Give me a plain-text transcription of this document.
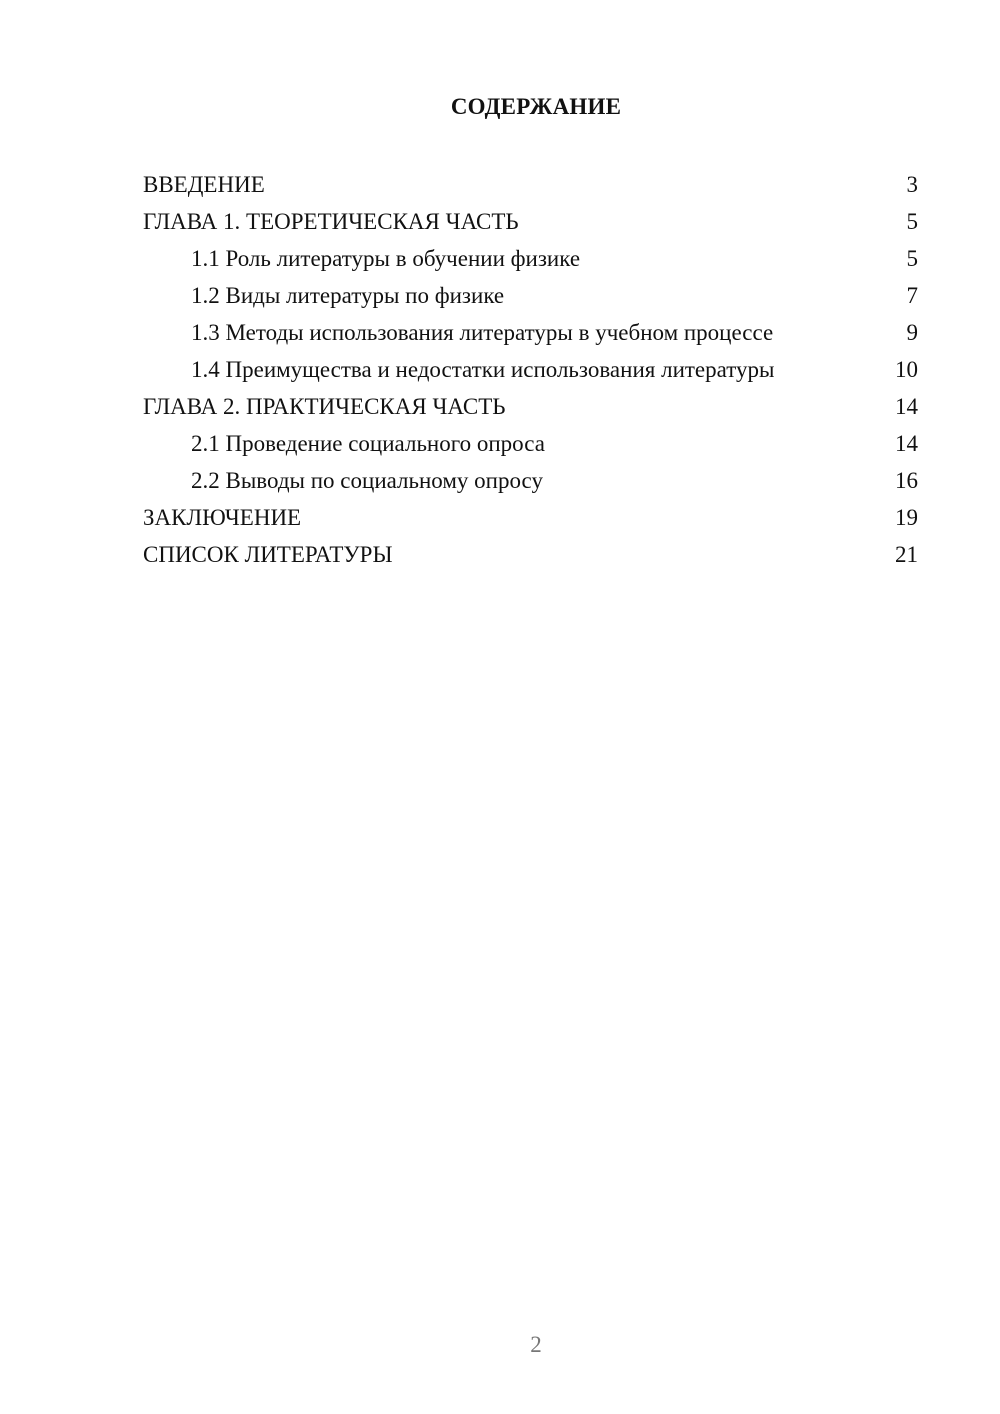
СОДЕРЖАНИЕ
ВВЕДЕНИЕ	3
ГЛАВА 1. ТЕОРЕТИЧЕСКАЯ ЧАСТЬ	5
1.1 Роль литературы в обучении физике	5
1.2 Виды литературы по физике	7
1.3 Методы использования литературы в учебном процессе	9
1.4 Преимущества и недостатки использования литературы	10
ГЛАВА 2. ПРАКТИЧЕСКАЯ ЧАСТЬ	14
2.1 Проведение социального опроса	14
2.2 Выводы по социальному опросу	16
ЗАКЛЮЧЕНИЕ	19
СПИСОК ЛИТЕРАТУРЫ	21
2
